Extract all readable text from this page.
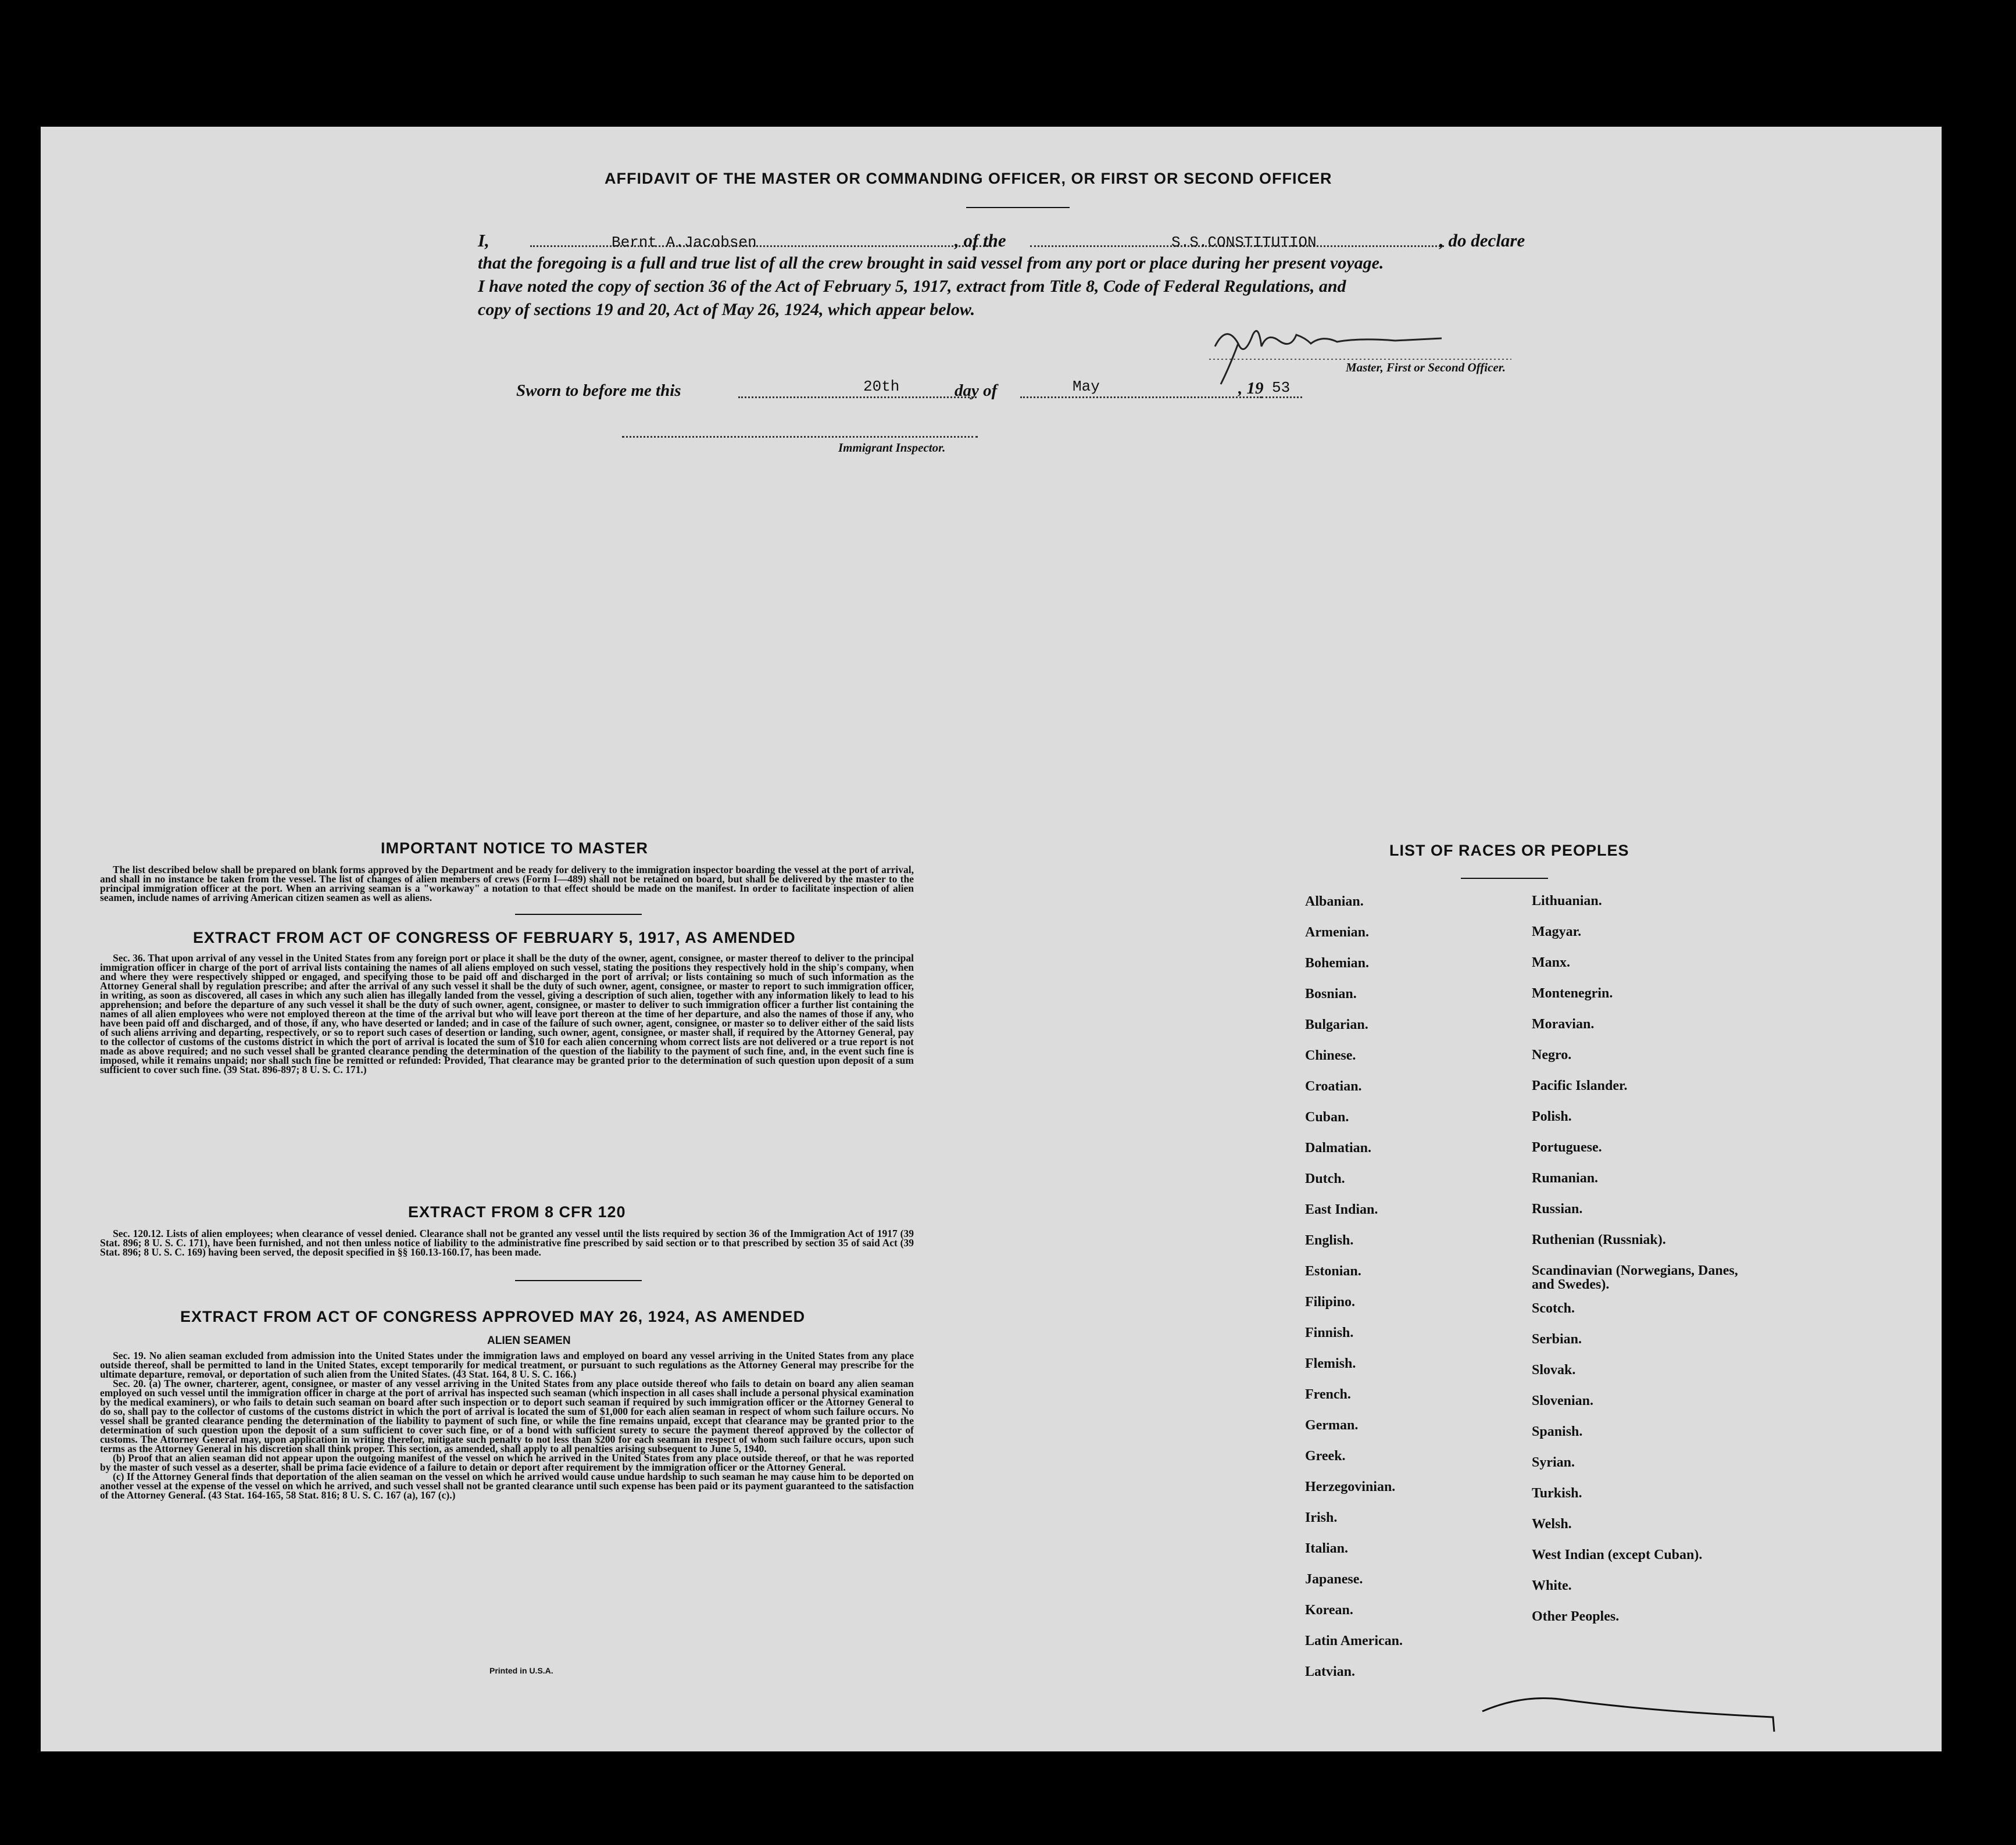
AFFIDAVIT OF THE MASTER OR COMMANDING OFFICER, OR FIRST OR SECOND OFFICER
I,	Bernt A.Jacobsen	, of the	S.S.CONSTITUTION	, do declare
that the foregoing is a full and true list of all the crew brought in said vessel from any port or place during her present voyage.
I have noted the copy of section 36 of the Act of February 5, 1917, extract from Title 8, Code of Federal Regulations, and
copy of sections 19 and 20, Act of May 26, 1924, which appear below.
Master, First or Second Officer.
Sworn to before me this	20th	day of	May	, 19 53
Immigrant Inspector.
IMPORTANT NOTICE TO MASTER

The list described below shall be prepared on blank forms approved by the Department and be ready for delivery to the immigration inspector boarding the vessel at the port of arrival, and shall in no instance be taken from the vessel. The list of changes of alien members of crews (Form I—489) shall not be retained on board, but shall be delivered by the master to the principal immigration officer at the port. When an arriving seaman is a "workaway" a notation to that effect should be made on the manifest. In order to facilitate inspection of alien seamen, include names of arriving American citizen seamen as well as aliens.

EXTRACT FROM ACT OF CONGRESS OF FEBRUARY 5, 1917, AS AMENDED

Sec. 36. That upon arrival of any vessel in the United States from any foreign port or place it shall be the duty of the owner, agent, consignee, or master thereof to deliver to the principal immigration officer in charge of the port of arrival lists containing the names of all aliens employed on such vessel, stating the positions they respectively hold in the ship's company, when and where they were respectively shipped or engaged, and specifying those to be paid off and discharged in the port of arrival; or lists containing so much of such information as the Attorney General shall by regulation prescribe; and after the arrival of any such vessel it shall be the duty of such owner, agent, consignee, or master to report to such immigration officer, in writing, as soon as discovered, all cases in which any such alien has illegally landed from the vessel, giving a description of such alien, together with any information likely to lead to his apprehension; and before the departure of any such vessel it shall be the duty of such owner, agent, consignee, or master to deliver to such immigration officer a further list containing the names of all alien employees who were not employed thereon at the time of the arrival but who will leave port thereon at the time of her departure, and also the names of those if any, who have been paid off and discharged, and of those, if any, who have deserted or landed; and in case of the failure of such owner, agent, consignee, or master so to deliver either of the said lists of such aliens arriving and departing, respectively, or so to report such cases of desertion or landing, such owner, agent, consignee, or master shall, if required by the Attorney General, pay to the collector of customs of the customs district in which the port of arrival is located the sum of $10 for each alien concerning whom correct lists are not delivered or a true report is not made as above required; and no such vessel shall be granted clearance pending the determination of the question of the liability to the payment of such fine, and, in the event such fine is imposed, while it remains unpaid; nor shall such fine be remitted or refunded: Provided, That clearance may be granted prior to the determination of such question upon deposit of a sum sufficient to cover such fine. (39 Stat. 896-897; 8 U. S. C. 171.)

EXTRACT FROM 8 CFR 120

Sec. 120.12. Lists of alien employees; when clearance of vessel denied. Clearance shall not be granted any vessel until the lists required by section 36 of the Immigration Act of 1917 (39 Stat. 896; 8 U. S. C. 171), have been furnished, and not then unless notice of liability to the administrative fine prescribed by said section or to that prescribed by section 35 of said Act (39 Stat. 896; 8 U. S. C. 169) having been served, the deposit specified in §§ 160.13-160.17, has been made.

EXTRACT FROM ACT OF CONGRESS APPROVED MAY 26, 1924, AS AMENDED
ALIEN SEAMEN

Sec. 19. No alien seaman excluded from admission into the United States under the immigration laws and employed on board any vessel arriving in the United States from any place outside thereof, shall be permitted to land in the United States, except temporarily for medical treatment, or pursuant to such regulations as the Attorney General may prescribe for the ultimate departure, removal, or deportation of such alien from the United States. (43 Stat. 164, 8 U. S. C. 166.)

Sec. 20. (a) The owner, charterer, agent, consignee, or master of any vessel arriving in the United States from any place outside thereof who fails to detain on board any alien seaman employed on such vessel until the immigration officer in charge at the port of arrival has inspected such seaman (which inspection in all cases shall include a personal physical examination by the medical examiners), or who fails to detain such seaman on board after such inspection or to deport such seaman if required by such immigration officer or the Attorney General to do so, shall pay to the collector of customs of the customs district in which the port of arrival is located the sum of $1,000 for each alien seaman in respect of whom such failure occurs. No vessel shall be granted clearance pending the determination of the liability to payment of such fine, or while the fine remains unpaid, except that clearance may be granted prior to the determination of such question upon the deposit of a sum sufficient to cover such fine, or of a bond with sufficient surety to secure the payment thereof approved by the collector of customs. The Attorney General may, upon application in writing therefor, mitigate such penalty to not less than $200 for each seaman in respect of whom such failure occurs, upon such terms as the Attorney General in his discretion shall think proper. This section, as amended, shall apply to all penalties arising subsequent to June 5, 1940.

(b) Proof that an alien seaman did not appear upon the outgoing manifest of the vessel on which he arrived in the United States from any place outside thereof, or that he was reported by the master of such vessel as a deserter, shall be prima facie evidence of a failure to detain or deport after requirement by the immigration officer or the Attorney General.

(c) If the Attorney General finds that deportation of the alien seaman on the vessel on which he arrived would cause undue hardship to such seaman he may cause him to be deported on another vessel at the expense of the vessel on which he arrived, and such vessel shall not be granted clearance until such expense has been paid or its payment guaranteed to the satisfaction of the Attorney General. (43 Stat. 164-165, 58 Stat. 816; 8 U. S. C. 167 (a), 167 (c).)

Printed in U.S.A.
LIST OF RACES OR PEOPLES
Albanian.
Armenian.
Bohemian.
Bosnian.
Bulgarian.
Chinese.
Croatian.
Cuban.
Dalmatian.
Dutch.
East Indian.
English.
Estonian.
Filipino.
Finnish.
Flemish.
French.
German.
Greek.
Herzegovinian.
Irish.
Italian.
Japanese.
Korean.
Latin American.
Latvian.
Lithuanian.
Magyar.
Manx.
Montenegrin.
Moravian.
Negro.
Pacific Islander.
Polish.
Portuguese.
Rumanian.
Russian.
Ruthenian (Russniak).
Scandinavian (Norwegians, Danes, and Swedes).
Scotch.
Serbian.
Slovak.
Slovenian.
Spanish.
Syrian.
Turkish.
Welsh.
West Indian (except Cuban).
White.
Other Peoples.
